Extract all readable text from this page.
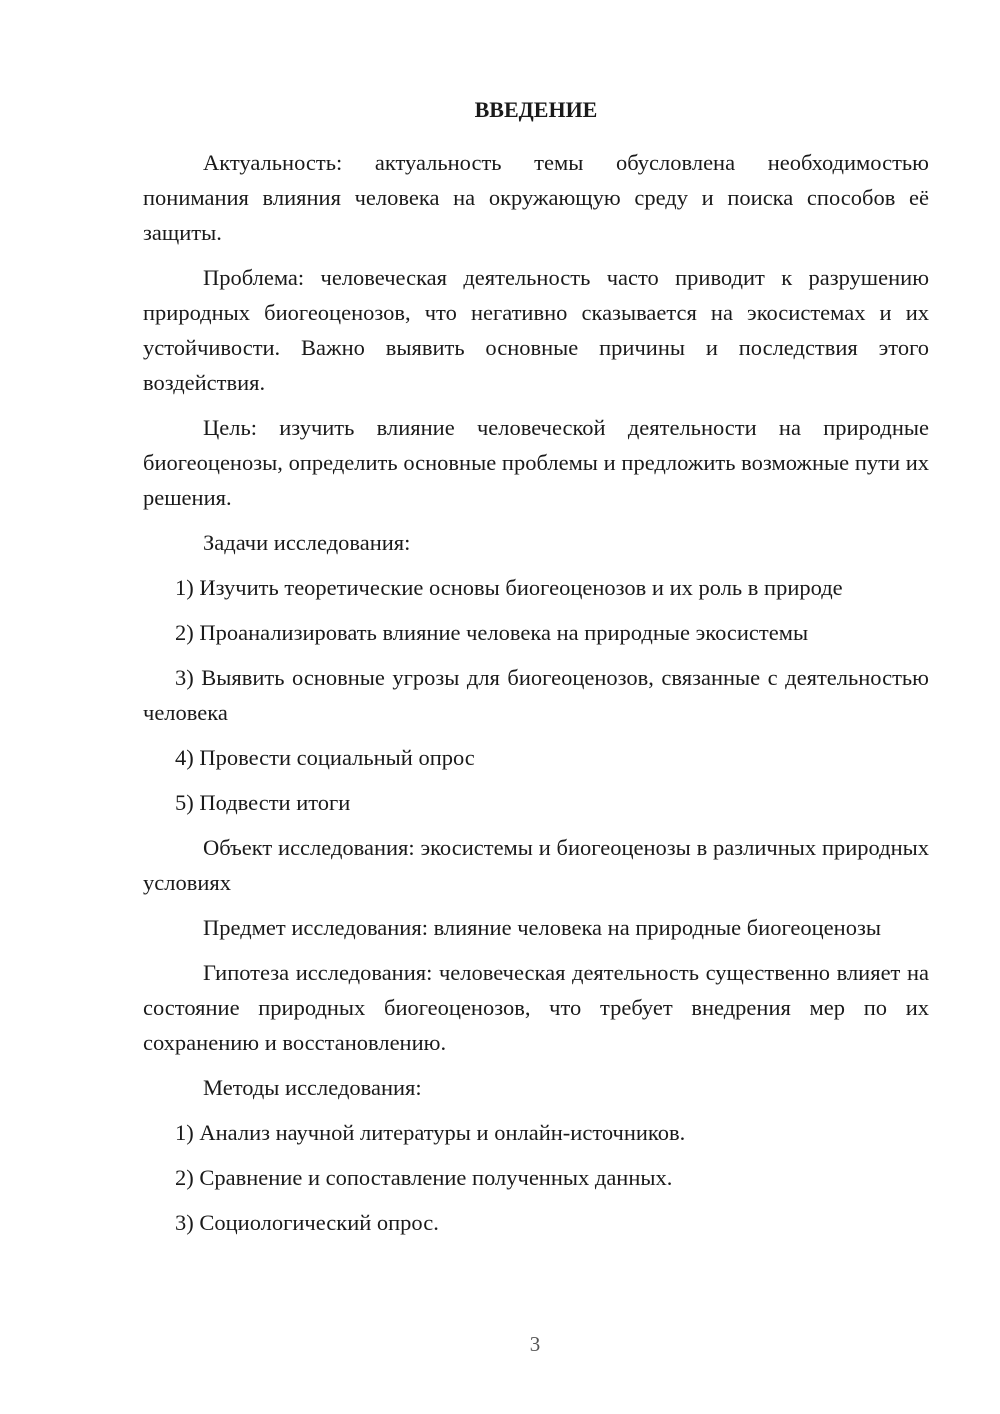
ВВЕДЕНИЕ

Актуальность: актуальность темы обусловлена необходимостью понимания влияния человека на окружающую среду и поиска способов её защиты.

Проблема: человеческая деятельность часто приводит к разрушению природных биогеоценозов, что негативно сказывается на экосистемах и их устойчивости. Важно выявить основные причины и последствия этого воздействия.

Цель: изучить влияние человеческой деятельности на природные биогеоценозы, определить основные проблемы и предложить возможные пути их решения.

Задачи исследования:

1) Изучить теоретические основы биогеоценозов и их роль в природе

2) Проанализировать влияние человека на природные экосистемы

3) Выявить основные угрозы для биогеоценозов, связанные с деятельностью человека

4) Провести социальный опрос

5) Подвести итоги

Объект исследования: экосистемы и биогеоценозы в различных природных условиях

Предмет исследования: влияние человека на природные биогеоценозы

Гипотеза исследования: человеческая деятельность существенно влияет на состояние природных биогеоценозов, что требует внедрения мер по их сохранению и восстановлению.

Методы исследования:

1) Анализ научной литературы и онлайн-источников.

2) Сравнение и сопоставление полученных данных.

3) Социологический опрос.

3
